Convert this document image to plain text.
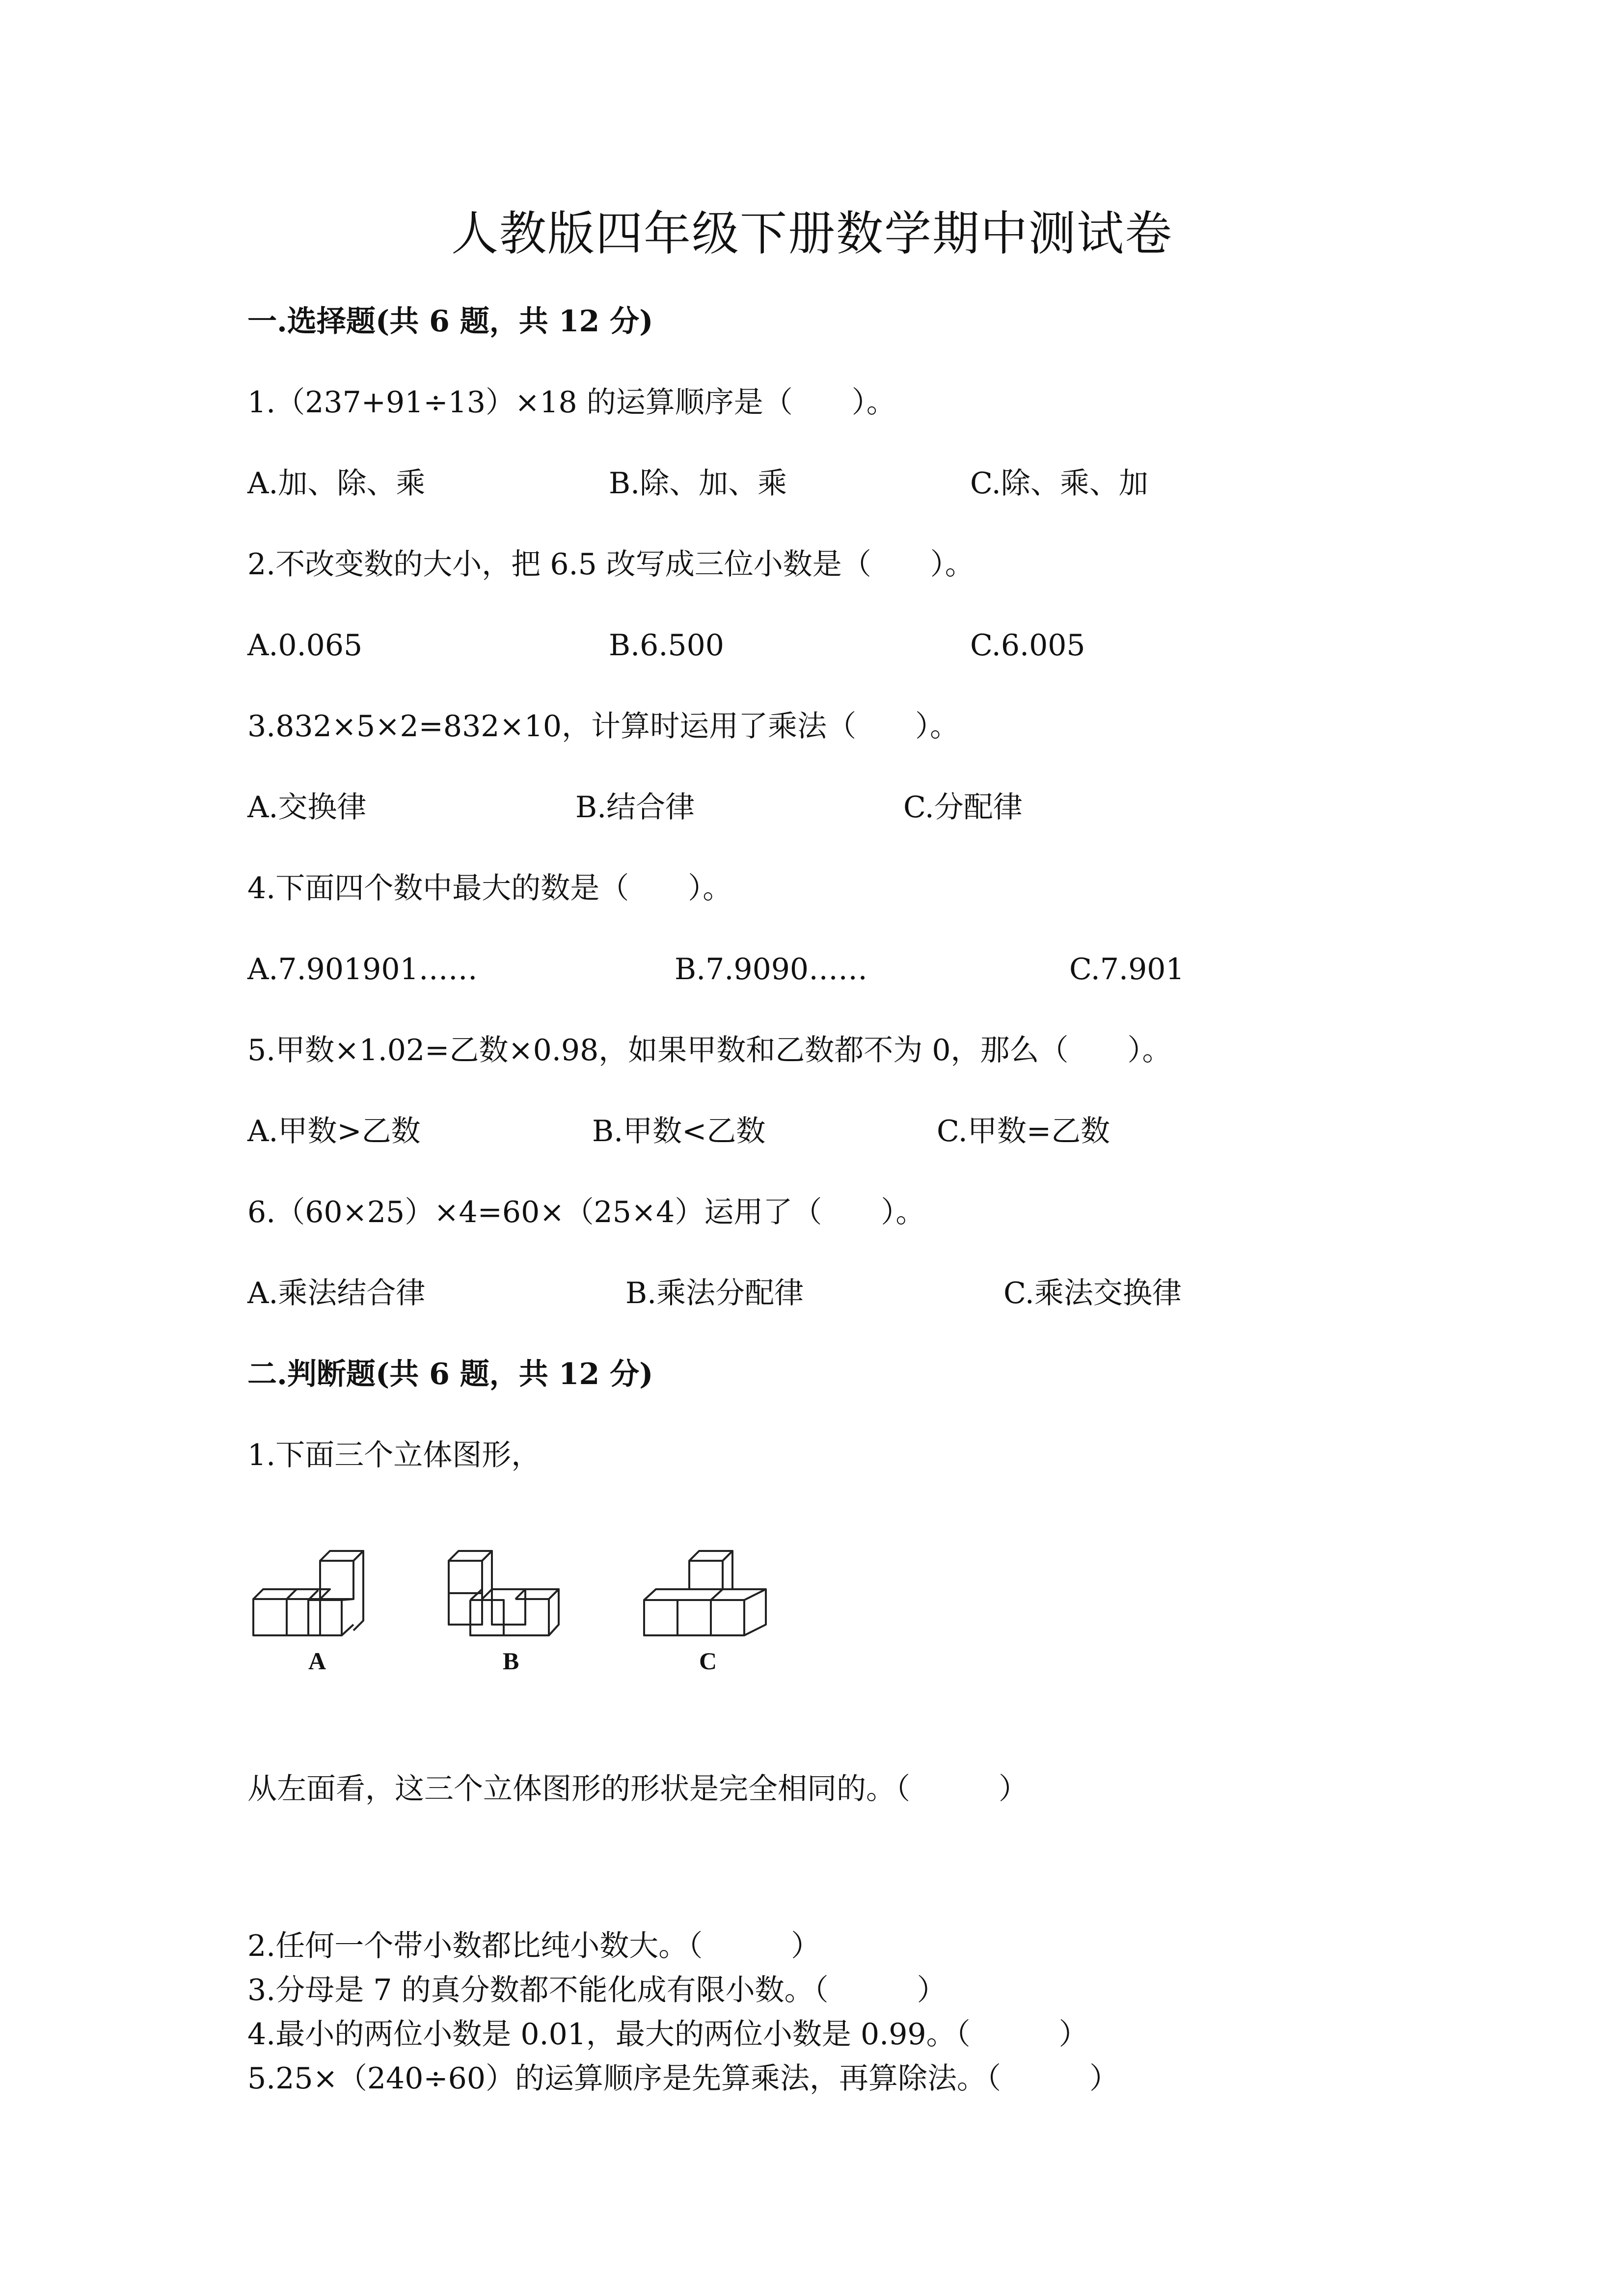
人教版四年级下册数学期中测试卷
一.选择题(共 6 题，共 12 分)
1.（237+91÷13）×18 的运算顺序是（　　）。
A.加、除、乘	B.除、加、乘	C.除、乘、加
2.不改变数的大小，把 6.5 改写成三位小数是（　　）。
A.0.065	B.6.500	C.6.005
3.832×5×2=832×10，计算时运用了乘法（　　）。
A.交换律	B.结合律	C.分配律
4.下面四个数中最大的数是（　　）。
A.7.901901……	B.7.9090……	C.7.901
5.甲数×1.02=乙数×0.98，如果甲数和乙数都不为 0，那么（　　）。
A.甲数>乙数	B.甲数<乙数	C.甲数=乙数
6.（60×25）×4=60×（25×4）运用了（　　）。
A.乘法结合律	B.乘法分配律	C.乘法交换律
二.判断题(共 6 题，共 12 分)
1.下面三个立体图形，
A	B	C
从左面看，这三个立体图形的形状是完全相同的。（　　　）
2.任何一个带小数都比纯小数大。（　　　）
3.分母是 7 的真分数都不能化成有限小数。（　　　）
4.最小的两位小数是 0.01，最大的两位小数是 0.99。（　　　）
5.25×（240÷60）的运算顺序是先算乘法，再算除法。（　　　）
